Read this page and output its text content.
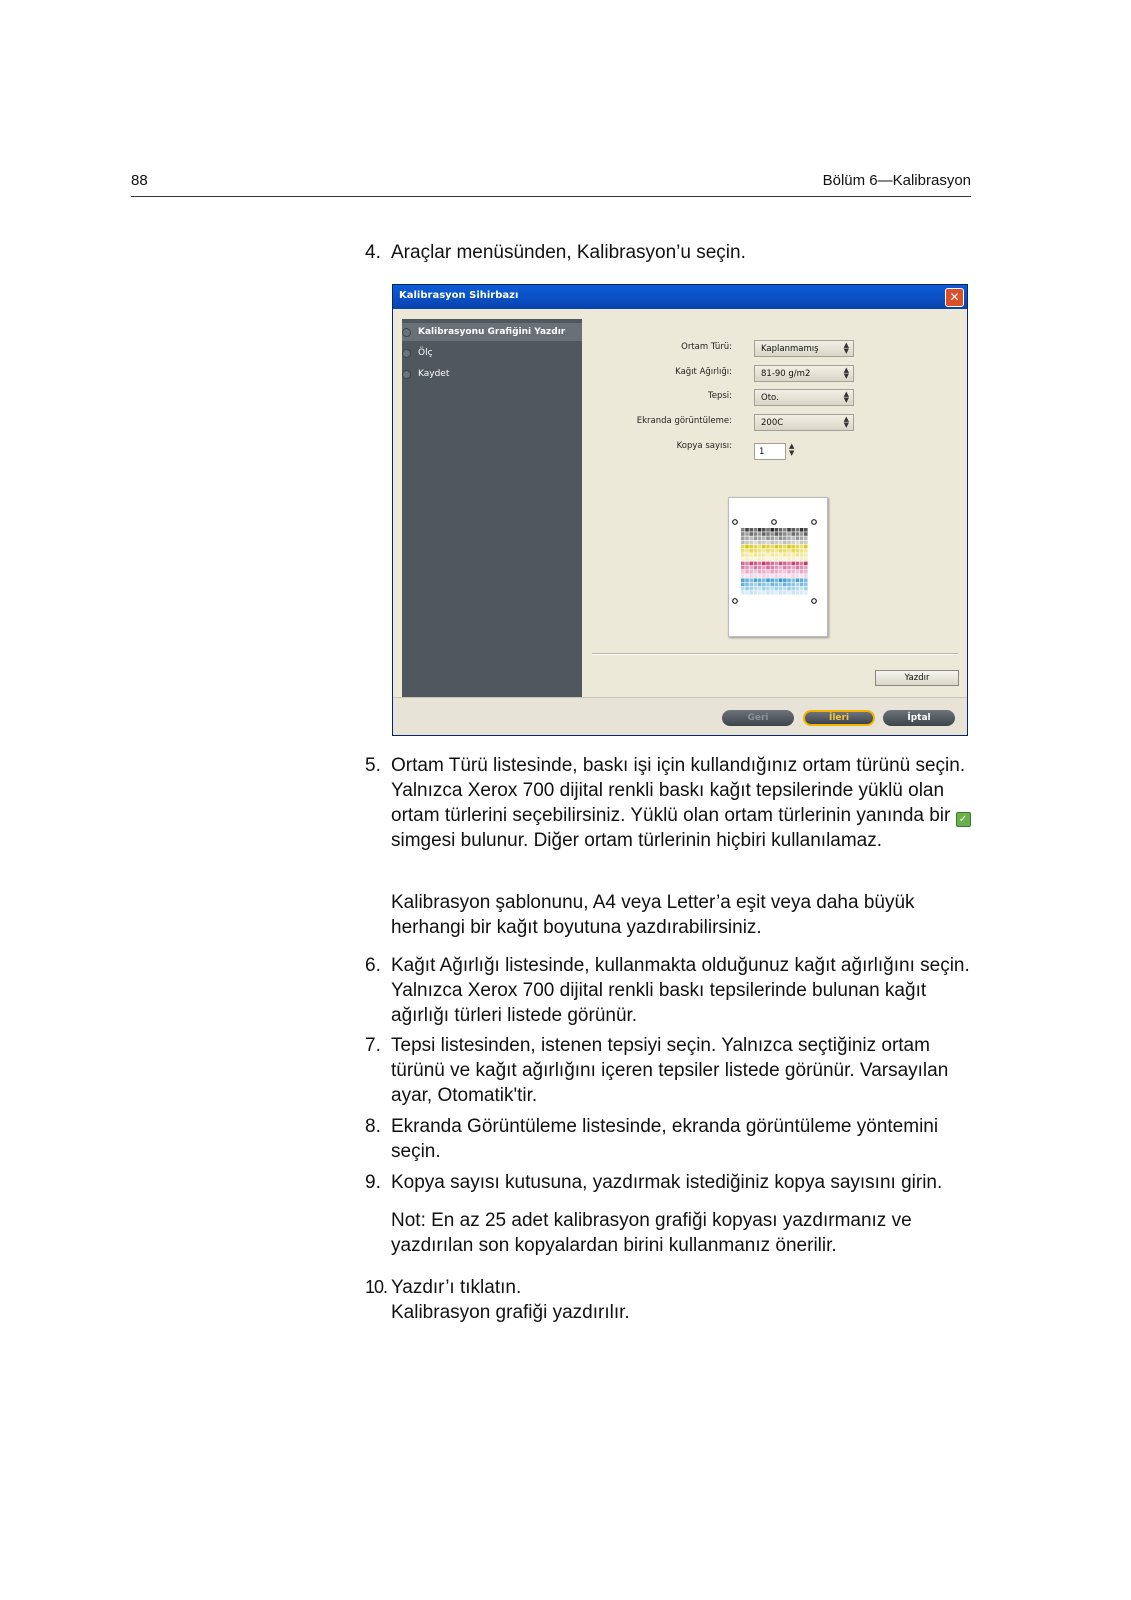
88	Bölüm 6—Kalibrasyon
4. Araçlar menüsünden, Kalibrasyon’u seçin.
Kalibrasyon Sihirbazı	✕
Kalibrasyonu Grafiğini Yazdır
Ölç
Kaydet
Ortam Türü:	Kaplanmamış	▲
▼
Kağıt Ağırlığı:	81-90 g/m2	▲
▼
Tepsi:	Oto.	▲
▼
Ekranda görüntüleme:	200C	▲
▼
Kopya sayısı:
1
▲
▼
Yazdır
Geri	İleri	İptal
5. Ortam Türü listesinde, baskı işi için kullandığınız ortam türünü seçin. Yalnızca Xerox 700 dijital renkli baskı kağıt tepsilerinde yüklü olan ortam türlerini seçebilirsiniz. Yüklü olan ortam türlerinin yanında bir ✓ simgesi bulunur. Diğer ortam türlerinin hiçbiri kullanılamaz.
Kalibrasyon şablonunu, A4 veya Letter’a eşit veya daha büyük herhangi bir kağıt boyutuna yazdırabilirsiniz.
6. Kağıt Ağırlığı listesinde, kullanmakta olduğunuz kağıt ağırlığını seçin. Yalnızca Xerox 700 dijital renkli baskı tepsilerinde bulunan kağıt ağırlığı türleri listede görünür.
7. Tepsi listesinden, istenen tepsiyi seçin. Yalnızca seçtiğiniz ortam türünü ve kağıt ağırlığını içeren tepsiler listede görünür. Varsayılan ayar, Otomatik'tir.
8. Ekranda Görüntüleme listesinde, ekranda görüntüleme yöntemini seçin.
9. Kopya sayısı kutusuna, yazdırmak istediğiniz kopya sayısını girin.
Not: En az 25 adet kalibrasyon grafiği kopyası yazdırmanız ve yazdırılan son kopyalardan birini kullanmanız önerilir.
10. Yazdır’ı tıklatın.
Kalibrasyon grafiği yazdırılır.
